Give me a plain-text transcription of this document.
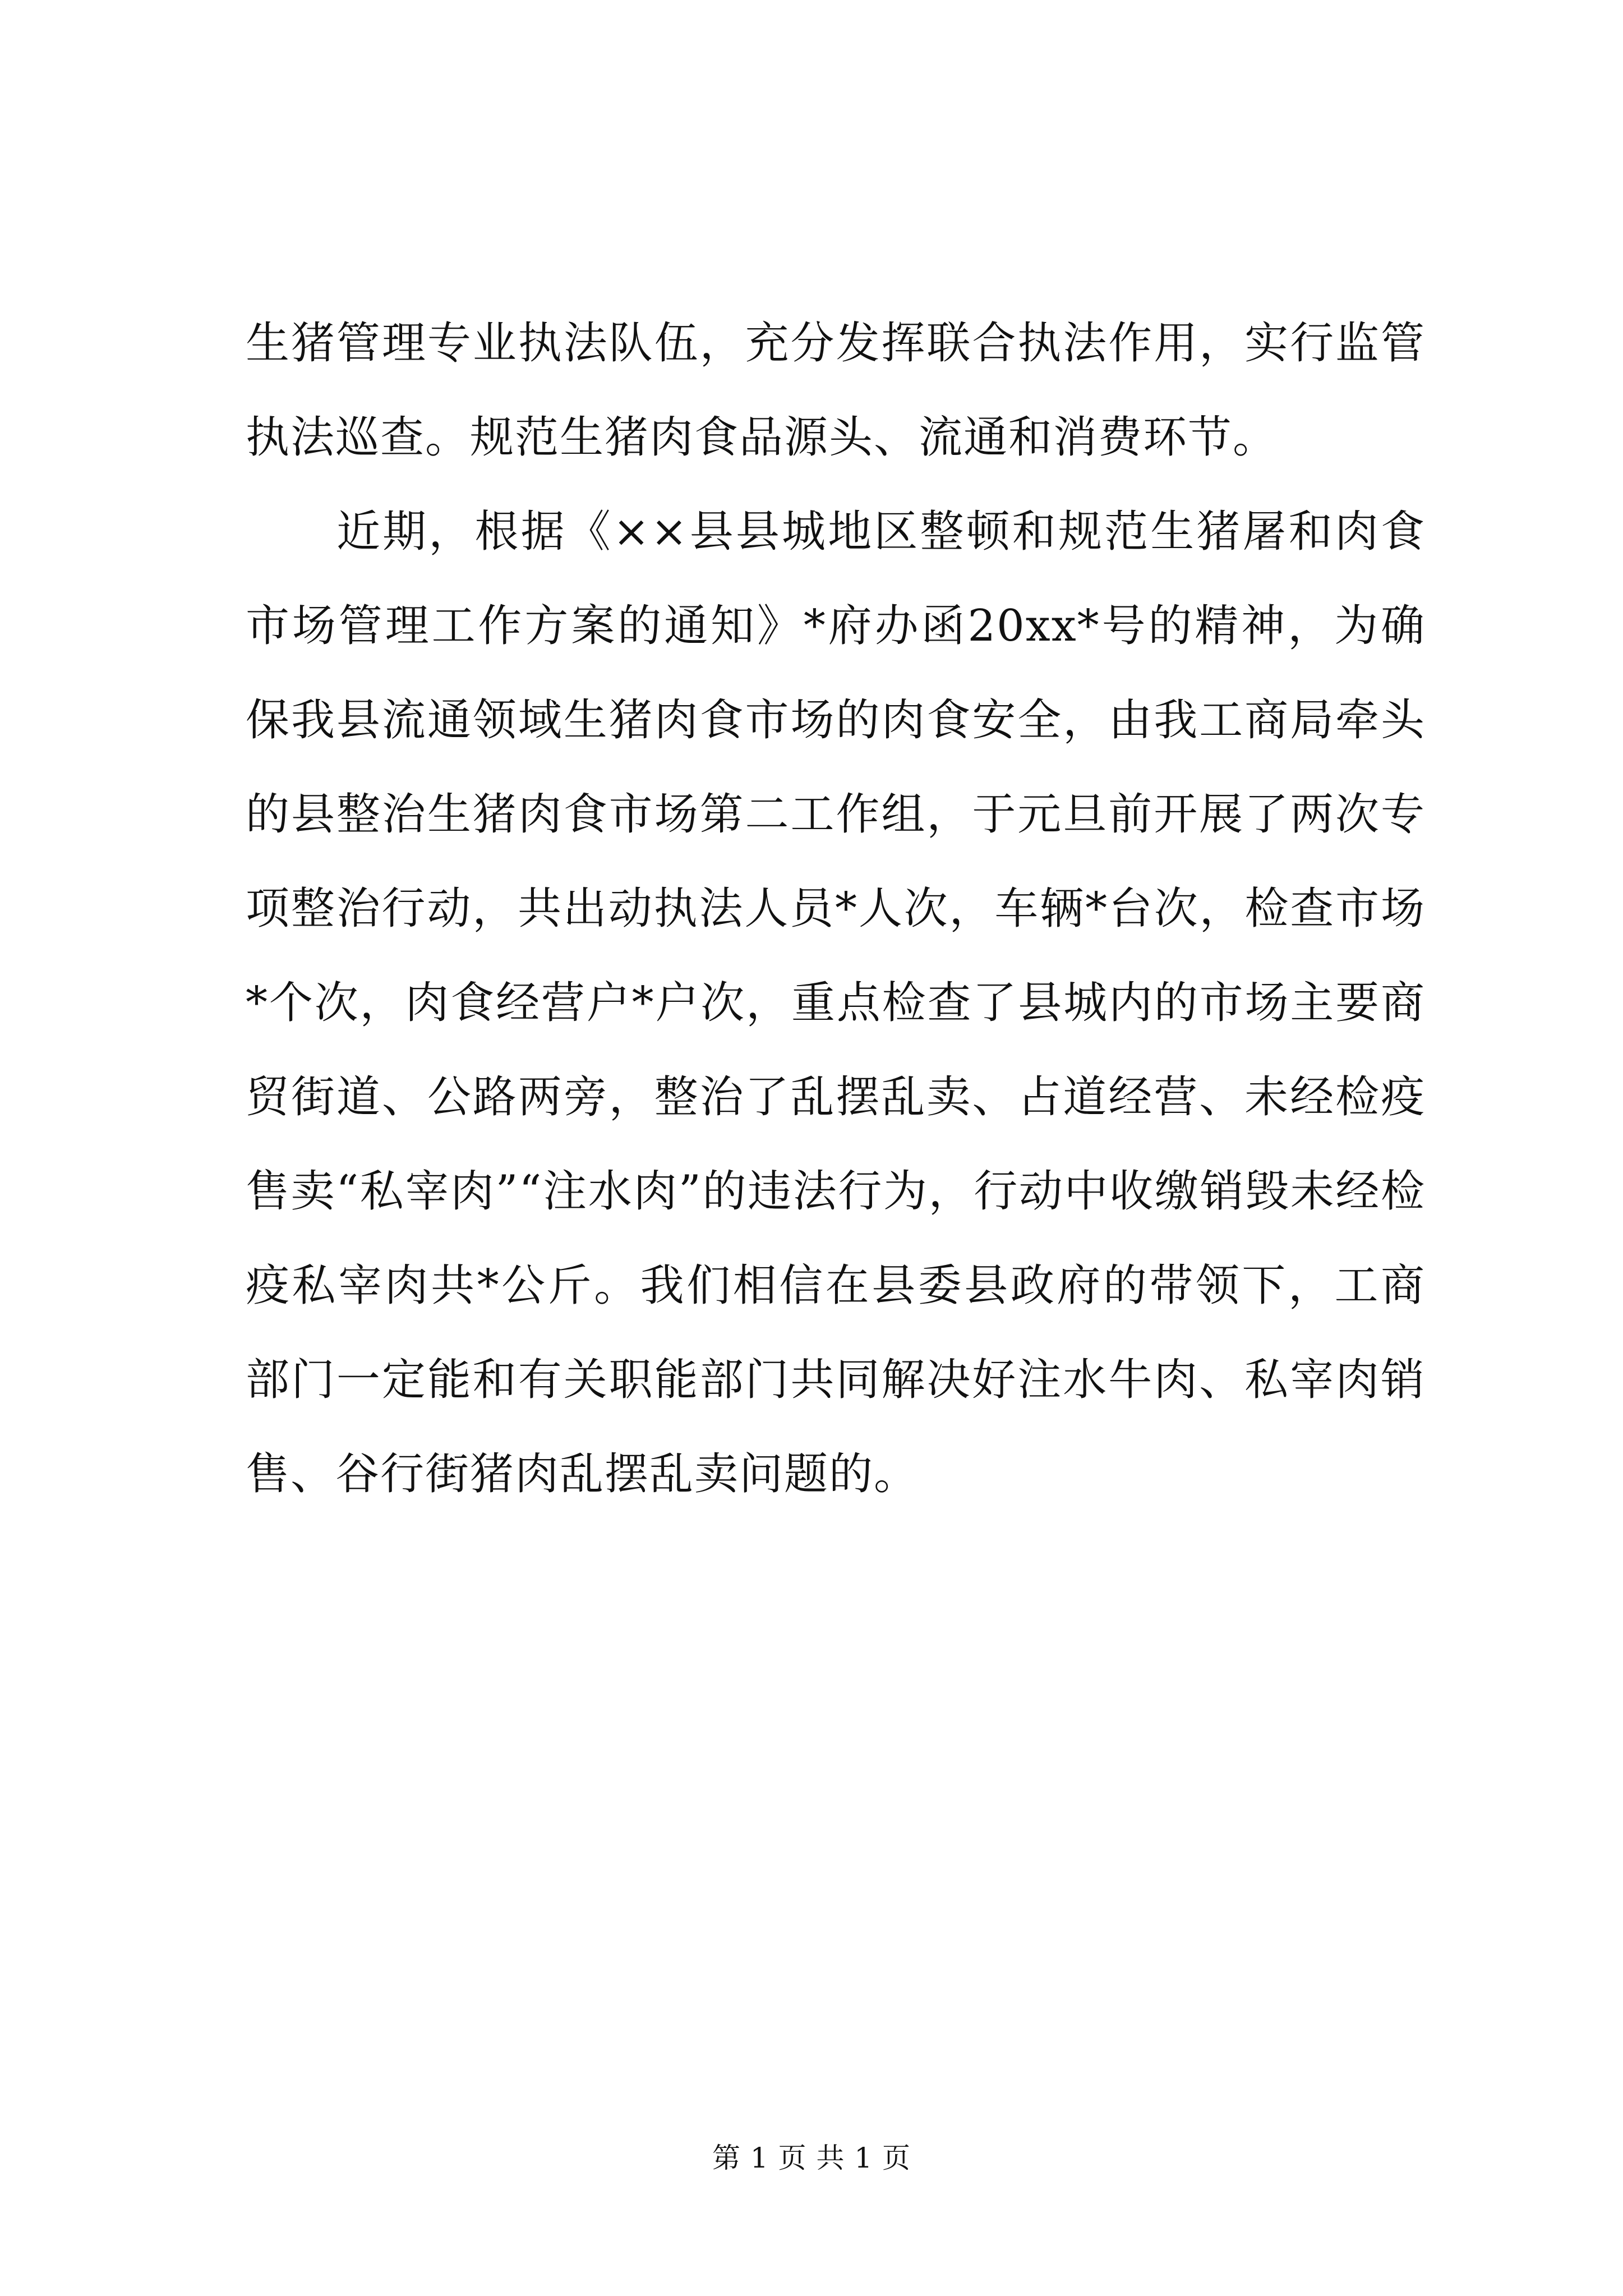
生猪管理专业执法队伍，充分发挥联合执法作用，实行监管执法巡查。规范生猪肉食品源头、流通和消费环节。

近期，根据《××县县城地区整顿和规范生猪屠和肉食市场管理工作方案的通知》*府办函20xx*号的精神，为确保我县流通领域生猪肉食市场的肉食安全，由我工商局牵头的县整治生猪肉食市场第二工作组，于元旦前开展了两次专项整治行动，共出动执法人员*人次，车辆*台次，检查市场*个次，肉食经营户*户次，重点检查了县城内的市场主要商贸街道、公路两旁，整治了乱摆乱卖、占道经营、未经检疫售卖“私宰肉”“注水肉”的违法行为，行动中收缴销毁未经检疫私宰肉共*公斤。我们相信在县委县政府的带领下，工商部门一定能和有关职能部门共同解决好注水牛肉、私宰肉销售、谷行街猪肉乱摆乱卖问题的。

第 1 页 共 1 页
